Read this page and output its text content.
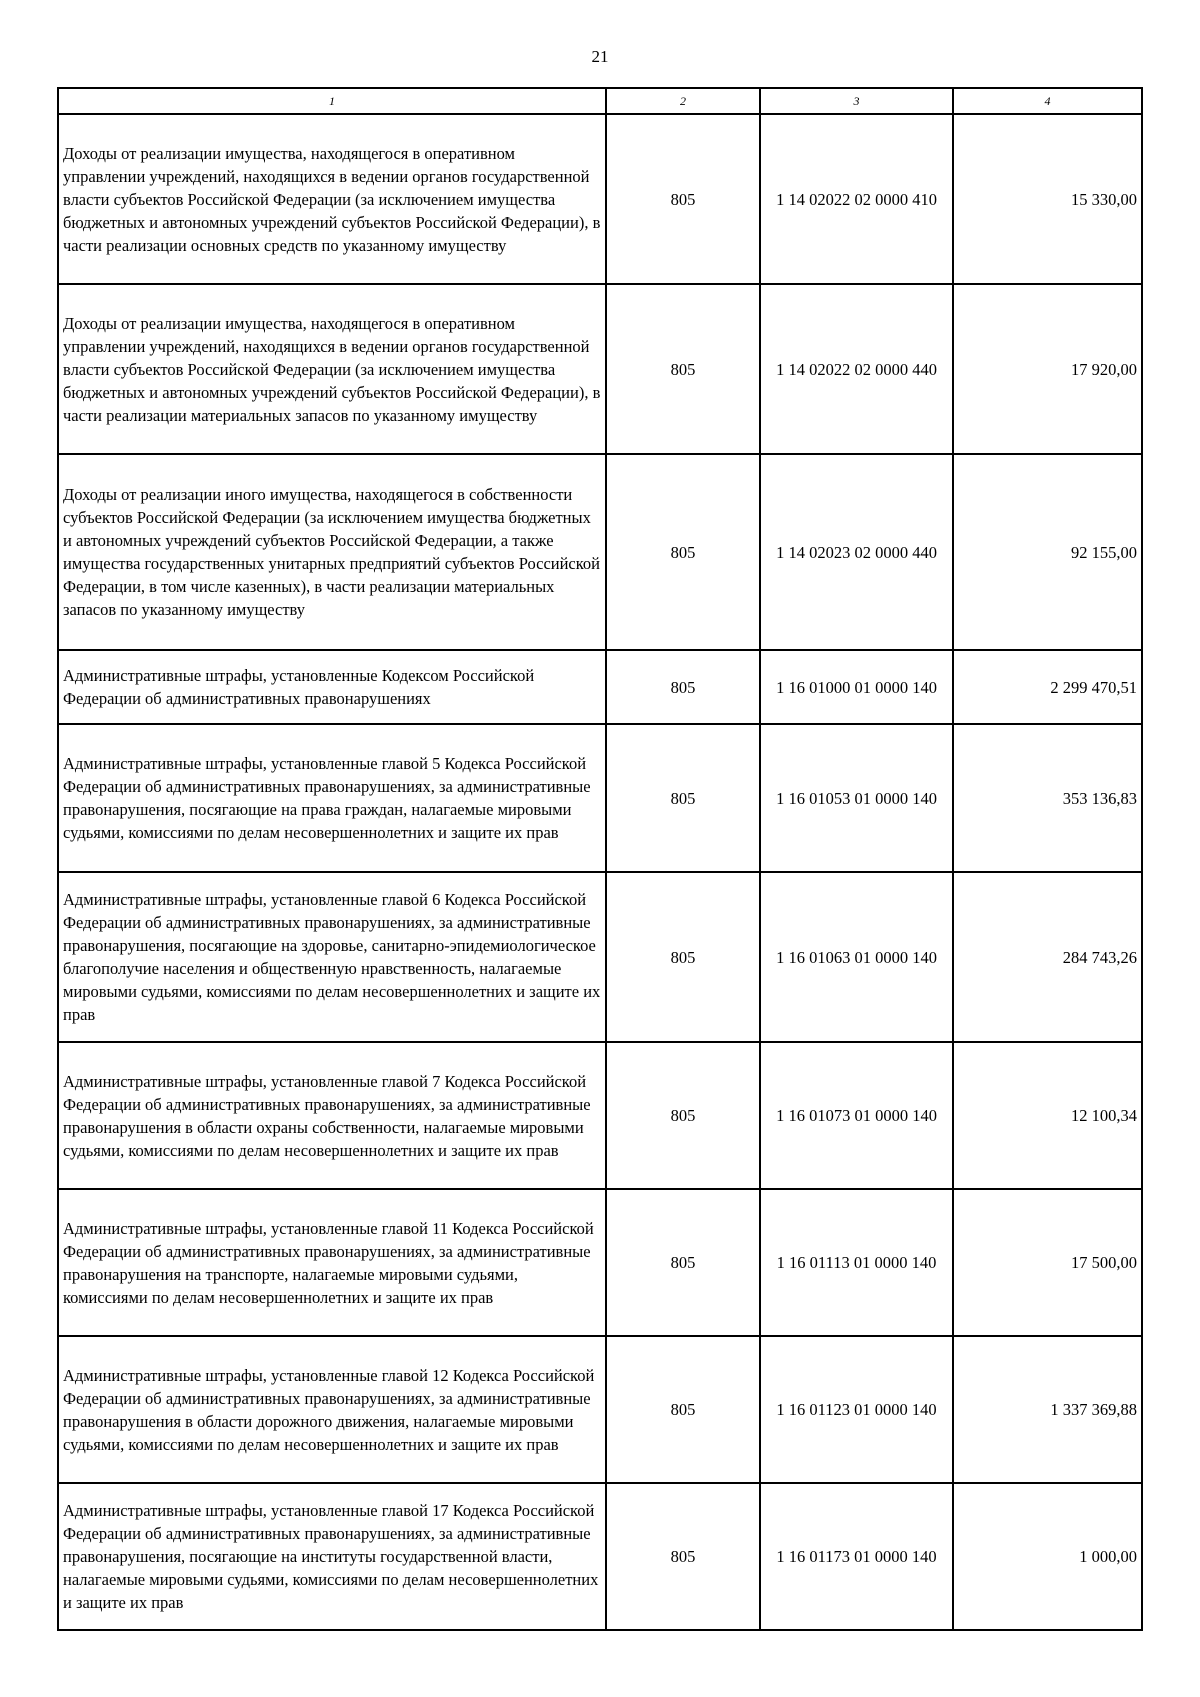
21
1	2	3	4
Доходы от реализации имущества, находящегося в оперативном управлении учреждений, находящихся в ведении органов государственной власти субъектов Российской Федерации (за исключением имущества бюджетных и автономных учреждений субъектов Российской Федерации), в части реализации основных средств по указанному имуществу	805	1 14 02022 02 0000 410	15 330,00
Доходы от реализации имущества, находящегося в оперативном управлении учреждений, находящихся в ведении органов государственной власти субъектов Российской Федерации (за исключением имущества бюджетных и автономных учреждений субъектов Российской Федерации), в части реализации материальных запасов по указанному имуществу	805	1 14 02022 02 0000 440	17 920,00
Доходы от реализации иного имущества, находящегося в собственности субъектов Российской Федерации (за исключением имущества бюджетных и автономных учреждений субъектов Российской Федерации, а также имущества государственных унитарных предприятий субъектов Российской Федерации, в том числе казенных), в части реализации материальных запасов по указанному имуществу	805	1 14 02023 02 0000 440	92 155,00
Административные штрафы, установленные Кодексом Российской Федерации об административных правонарушениях	805	1 16 01000 01 0000 140	2 299 470,51
Административные штрафы, установленные главой 5 Кодекса Российской Федерации об административных правонарушениях, за административные правонарушения, посягающие на права граждан, налагаемые мировыми судьями, комиссиями по делам несовершеннолетних и защите их прав	805	1 16 01053 01 0000 140	353 136,83
Административные штрафы, установленные главой 6 Кодекса Российской Федерации об административных правонарушениях, за административные правонарушения, посягающие на здоровье, санитарно-эпидемиологическое благополучие населения и общественную нравственность, налагаемые мировыми судьями, комиссиями по делам несовершеннолетних и защите их прав	805	1 16 01063 01 0000 140	284 743,26
Административные штрафы, установленные главой 7 Кодекса Российской Федерации об административных правонарушениях, за административные правонарушения в области охраны собственности, налагаемые мировыми судьями, комиссиями по делам несовершеннолетних и защите их прав	805	1 16 01073 01 0000 140	12 100,34
Административные штрафы, установленные главой 11 Кодекса Российской Федерации об административных правонарушениях, за административные правонарушения на транспорте, налагаемые мировыми судьями, комиссиями по делам несовершеннолетних и защите их прав	805	1 16 01113 01 0000 140	17 500,00
Административные штрафы, установленные главой 12 Кодекса Российской Федерации об административных правонарушениях, за административные правонарушения в области дорожного движения, налагаемые мировыми судьями, комиссиями по делам несовершеннолетних и защите их прав	805	1 16 01123 01 0000 140	1 337 369,88
Административные штрафы, установленные главой 17 Кодекса Российской Федерации об административных правонарушениях, за административные правонарушения, посягающие на институты государственной власти, налагаемые мировыми судьями, комиссиями по делам несовершеннолетних и защите их прав	805	1 16 01173 01 0000 140	1 000,00
